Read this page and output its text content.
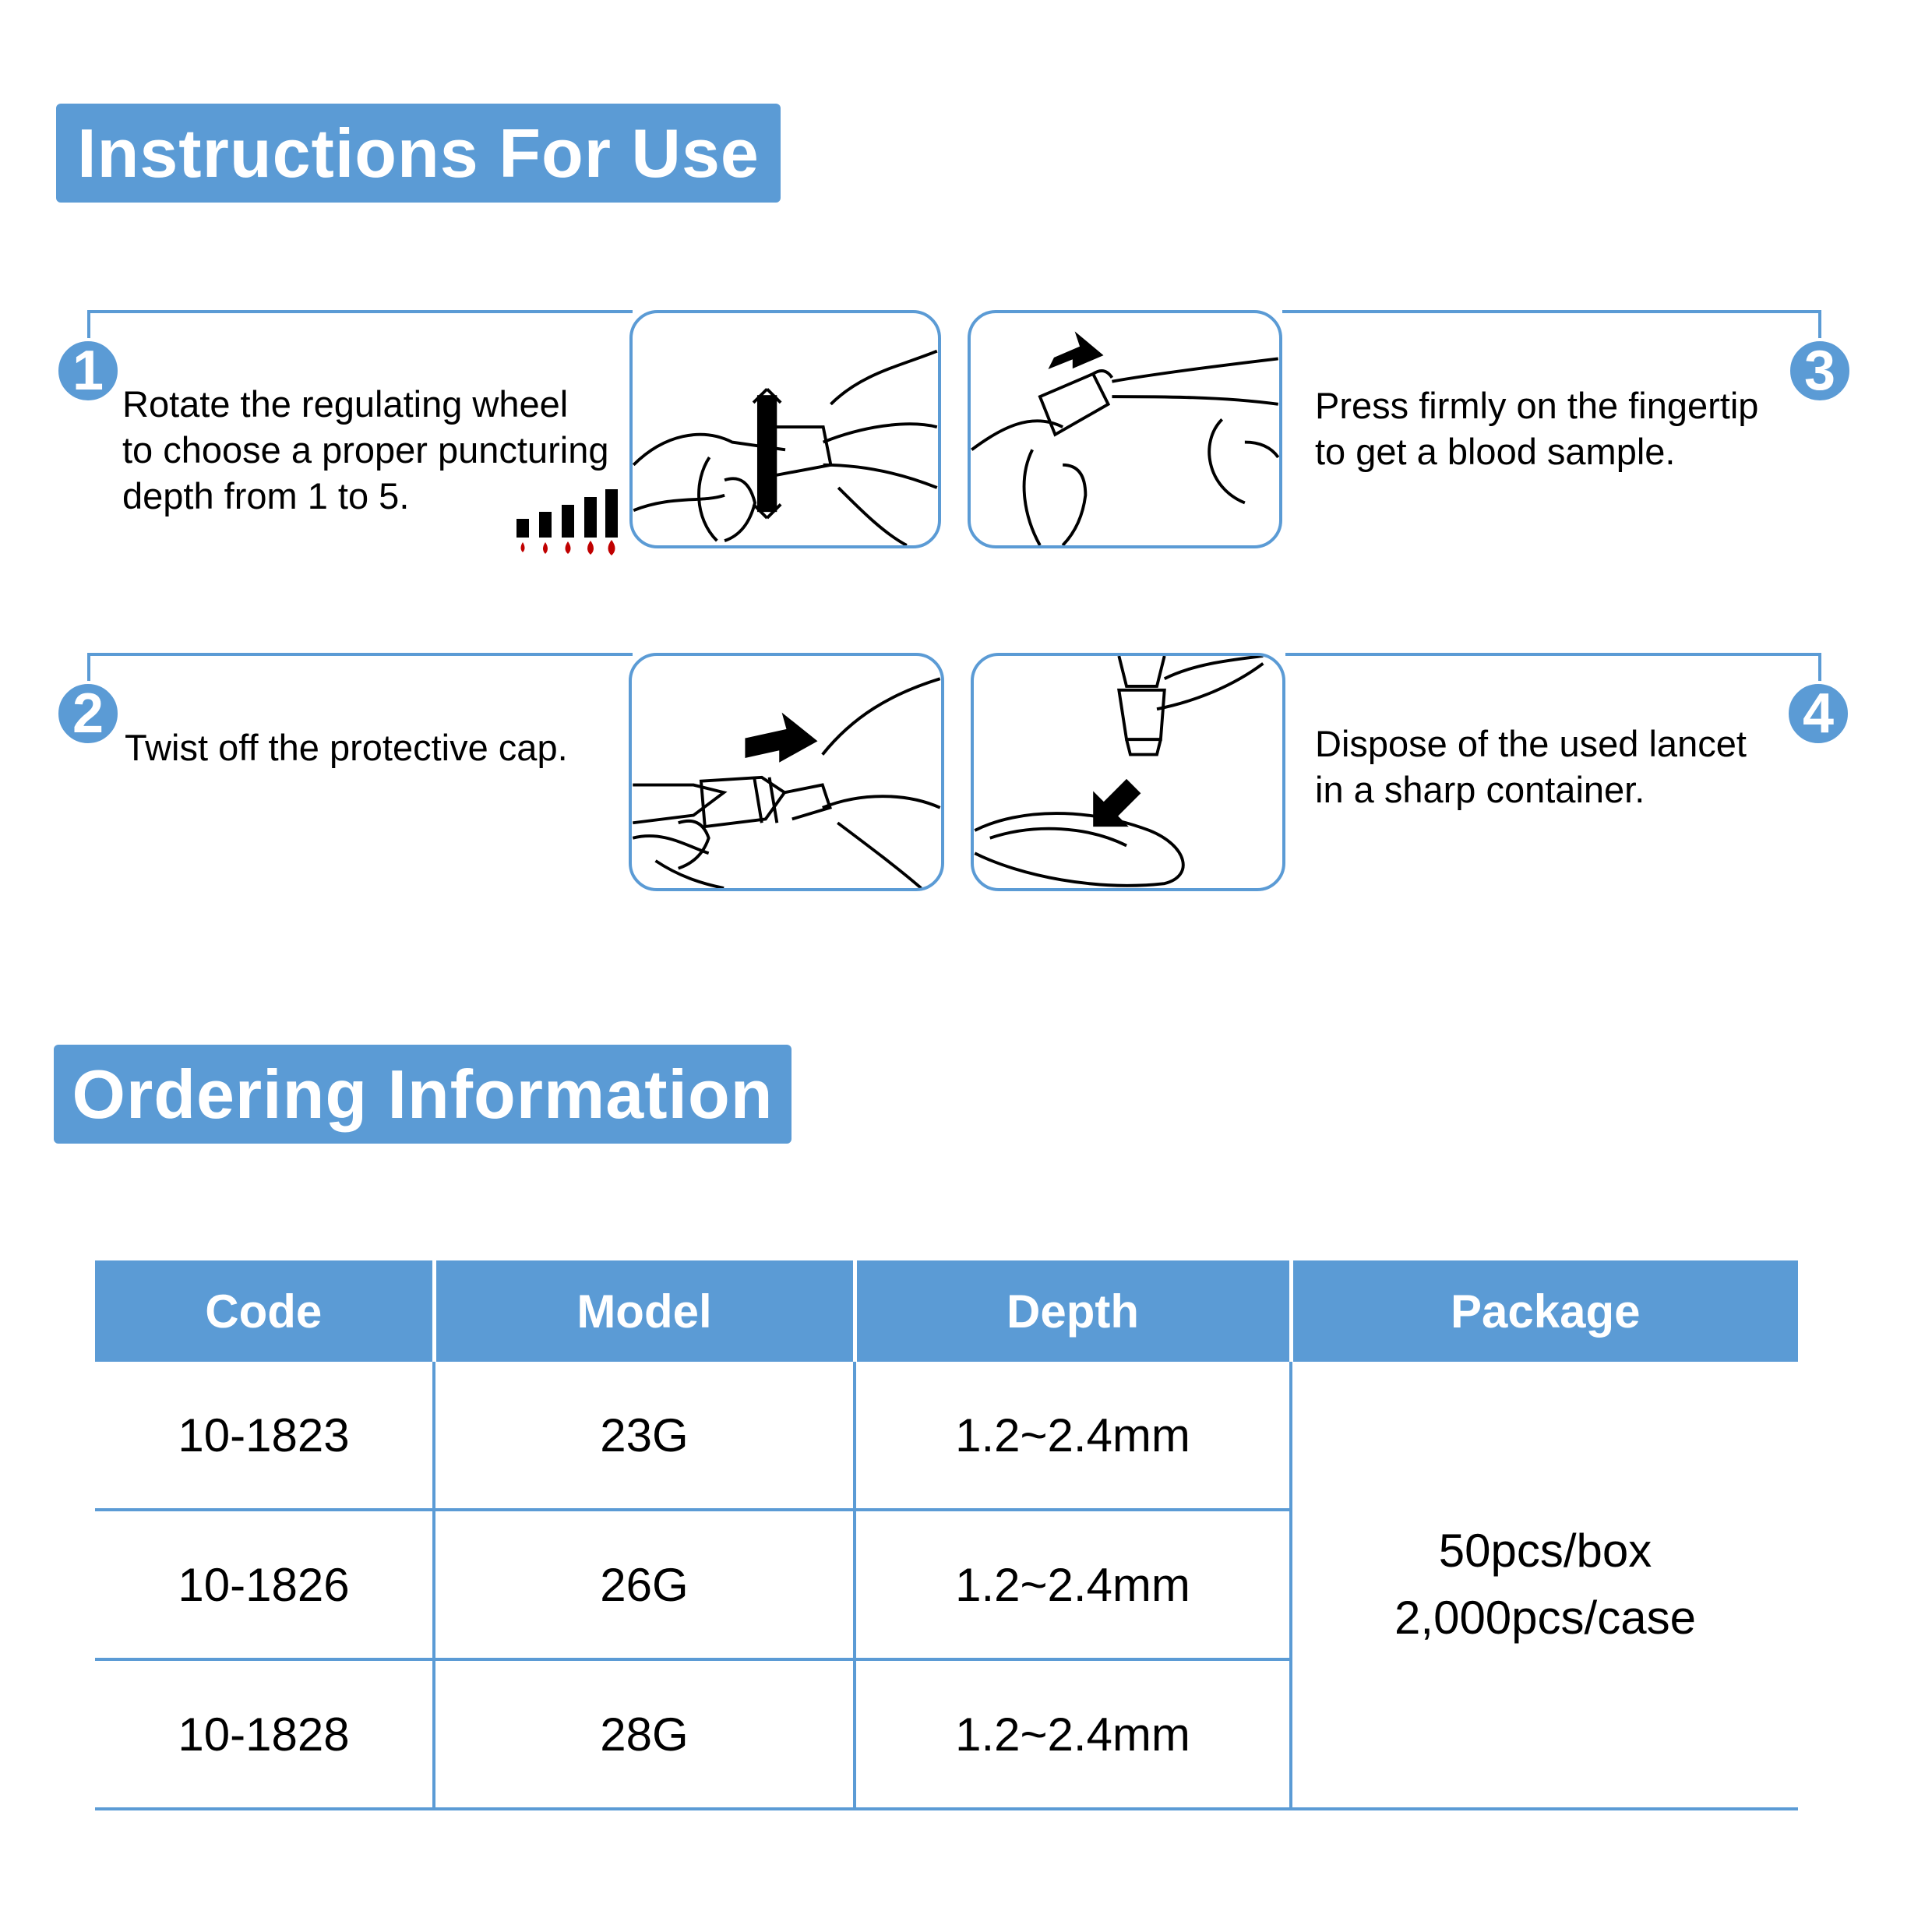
Instructions For Use
1
Rotate the regulating wheel
to choose a proper puncturing
depth from 1 to 5.
3
Press firmly on the fingertip
to get a blood sample.
2
Twist off the protective cap.
4
Dispose of the used lancet
in a sharp container.
Ordering Information
Code	Model	Depth	Package
10-1823	23G	1.2~2.4mm	50pcs/box
2,000pcs/case

10-1826	26G	1.2~2.4mm	
10-1828	28G	1.2~2.4mm	
